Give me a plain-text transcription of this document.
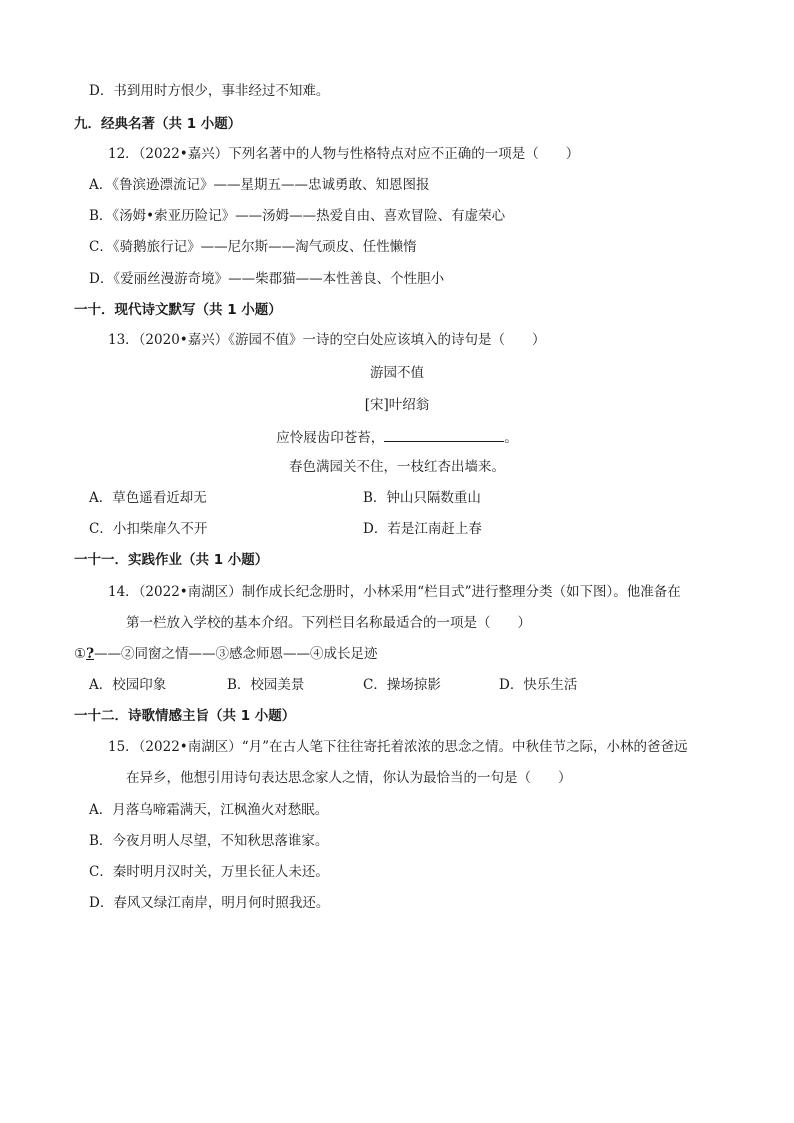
D．书到用时方恨少，事非经过不知难。
九．经典名著（共 1 小题）
12．（2022•嘉兴）下列名著中的人物与性格特点对应不正确的一项是（　　）
A．《鲁滨逊漂流记》——星期五——忠诚勇敢、知恩图报
B．《汤姆•索亚历险记》——汤姆——热爱自由、喜欢冒险、有虚荣心
C．《骑鹅旅行记》——尼尔斯——淘气顽皮、任性懒惰
D．《爱丽丝漫游奇境》——柴郡猫——本性善良、个性胆小
一十．现代诗文默写（共 1 小题）
13．（2020•嘉兴）《游园不值》一诗的空白处应该填入的诗句是（　　）
游园不值
[宋]叶绍翁
应怜屐齿印苍苔，	。
春色满园关不住，一枝红杏出墙来。
A．草色遥看近却无	B．钟山只隔数重山
C．小扣柴扉久不开	D．若是江南赶上春
一十一．实践作业（共 1 小题）
14．（2022•南湖区）制作成长纪念册时，小林采用“栏目式”进行整理分类（如下图）。他准备在
第一栏放入学校的基本介绍。下列栏目名称最适合的一项是（　　）
①?——②同窗之情——③感念师恩——④成长足迹
A．校园印象	B．校园美景	C．操场掠影	D．快乐生活
一十二．诗歌情感主旨（共 1 小题）
15．（2022•南湖区）“月”在古人笔下往往寄托着浓浓的思念之情。中秋佳节之际，小林的爸爸远
在异乡，他想引用诗句表达思念家人之情，你认为最恰当的一句是（　　）
A．月落乌啼霜满天，江枫渔火对愁眠。
B．今夜月明人尽望，不知秋思落谁家。
C．秦时明月汉时关，万里长征人未还。
D．春风又绿江南岸，明月何时照我还。
